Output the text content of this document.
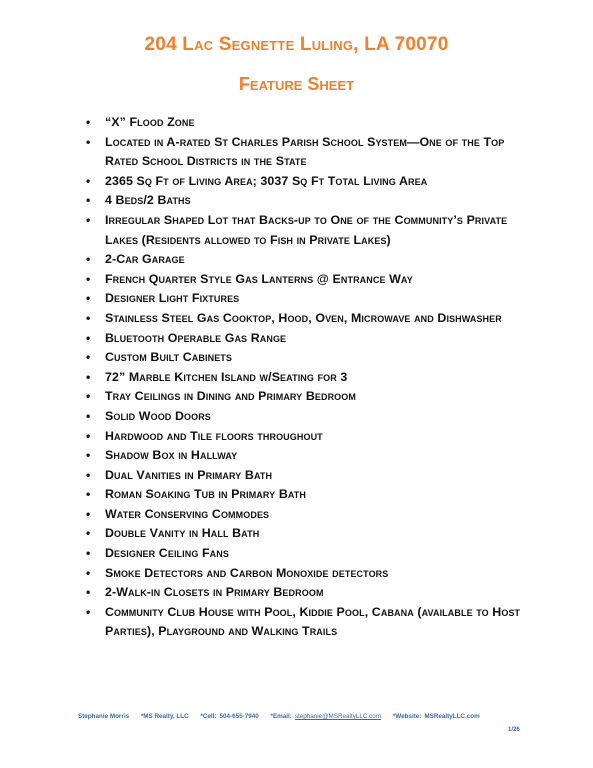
204 Lac Segnette Luling, LA 70070
Feature Sheet
• “X” Flood Zone
• Located in A-rated St Charles Parish School System—One of the Top Rated School Districts in the State
• 2365 Sq Ft of Living Area; 3037 Sq Ft Total Living Area
• 4 Beds/2 Baths
• Irregular Shaped Lot that Backs-up to One of the Community’s Private Lakes (Residents allowed to Fish in Private Lakes)
• 2-Car Garage
• French Quarter Style Gas Lanterns @ Entrance Way
• Designer Light Fixtures
• Stainless Steel Gas Cooktop, Hood, Oven, Microwave and Dishwasher
• Bluetooth Operable Gas Range
• Custom Built Cabinets
• 72” Marble Kitchen Island w/Seating for 3
• Tray Ceilings in Dining and Primary Bedroom
• Solid Wood Doors
• Hardwood and Tile floors throughout
• Shadow Box in Hallway
• Dual Vanities in Primary Bath
• Roman Soaking Tub in Primary Bath
• Water Conserving Commodes
• Double Vanity in Hall Bath
• Designer Ceiling Fans
• Smoke Detectors and Carbon Monoxide detectors
• 2-Walk-in Closets in Primary Bedroom
• Community Club House with Pool, Kiddie Pool, Cabana (available to Host Parties), Playground and Walking Trails
Stephanie Morris *MS Realty, LLC *Cell: 504-655-7940 *Email: stephanie@MSRealtyLLC.com *Website: MSRealtyLLC.com
1/26
